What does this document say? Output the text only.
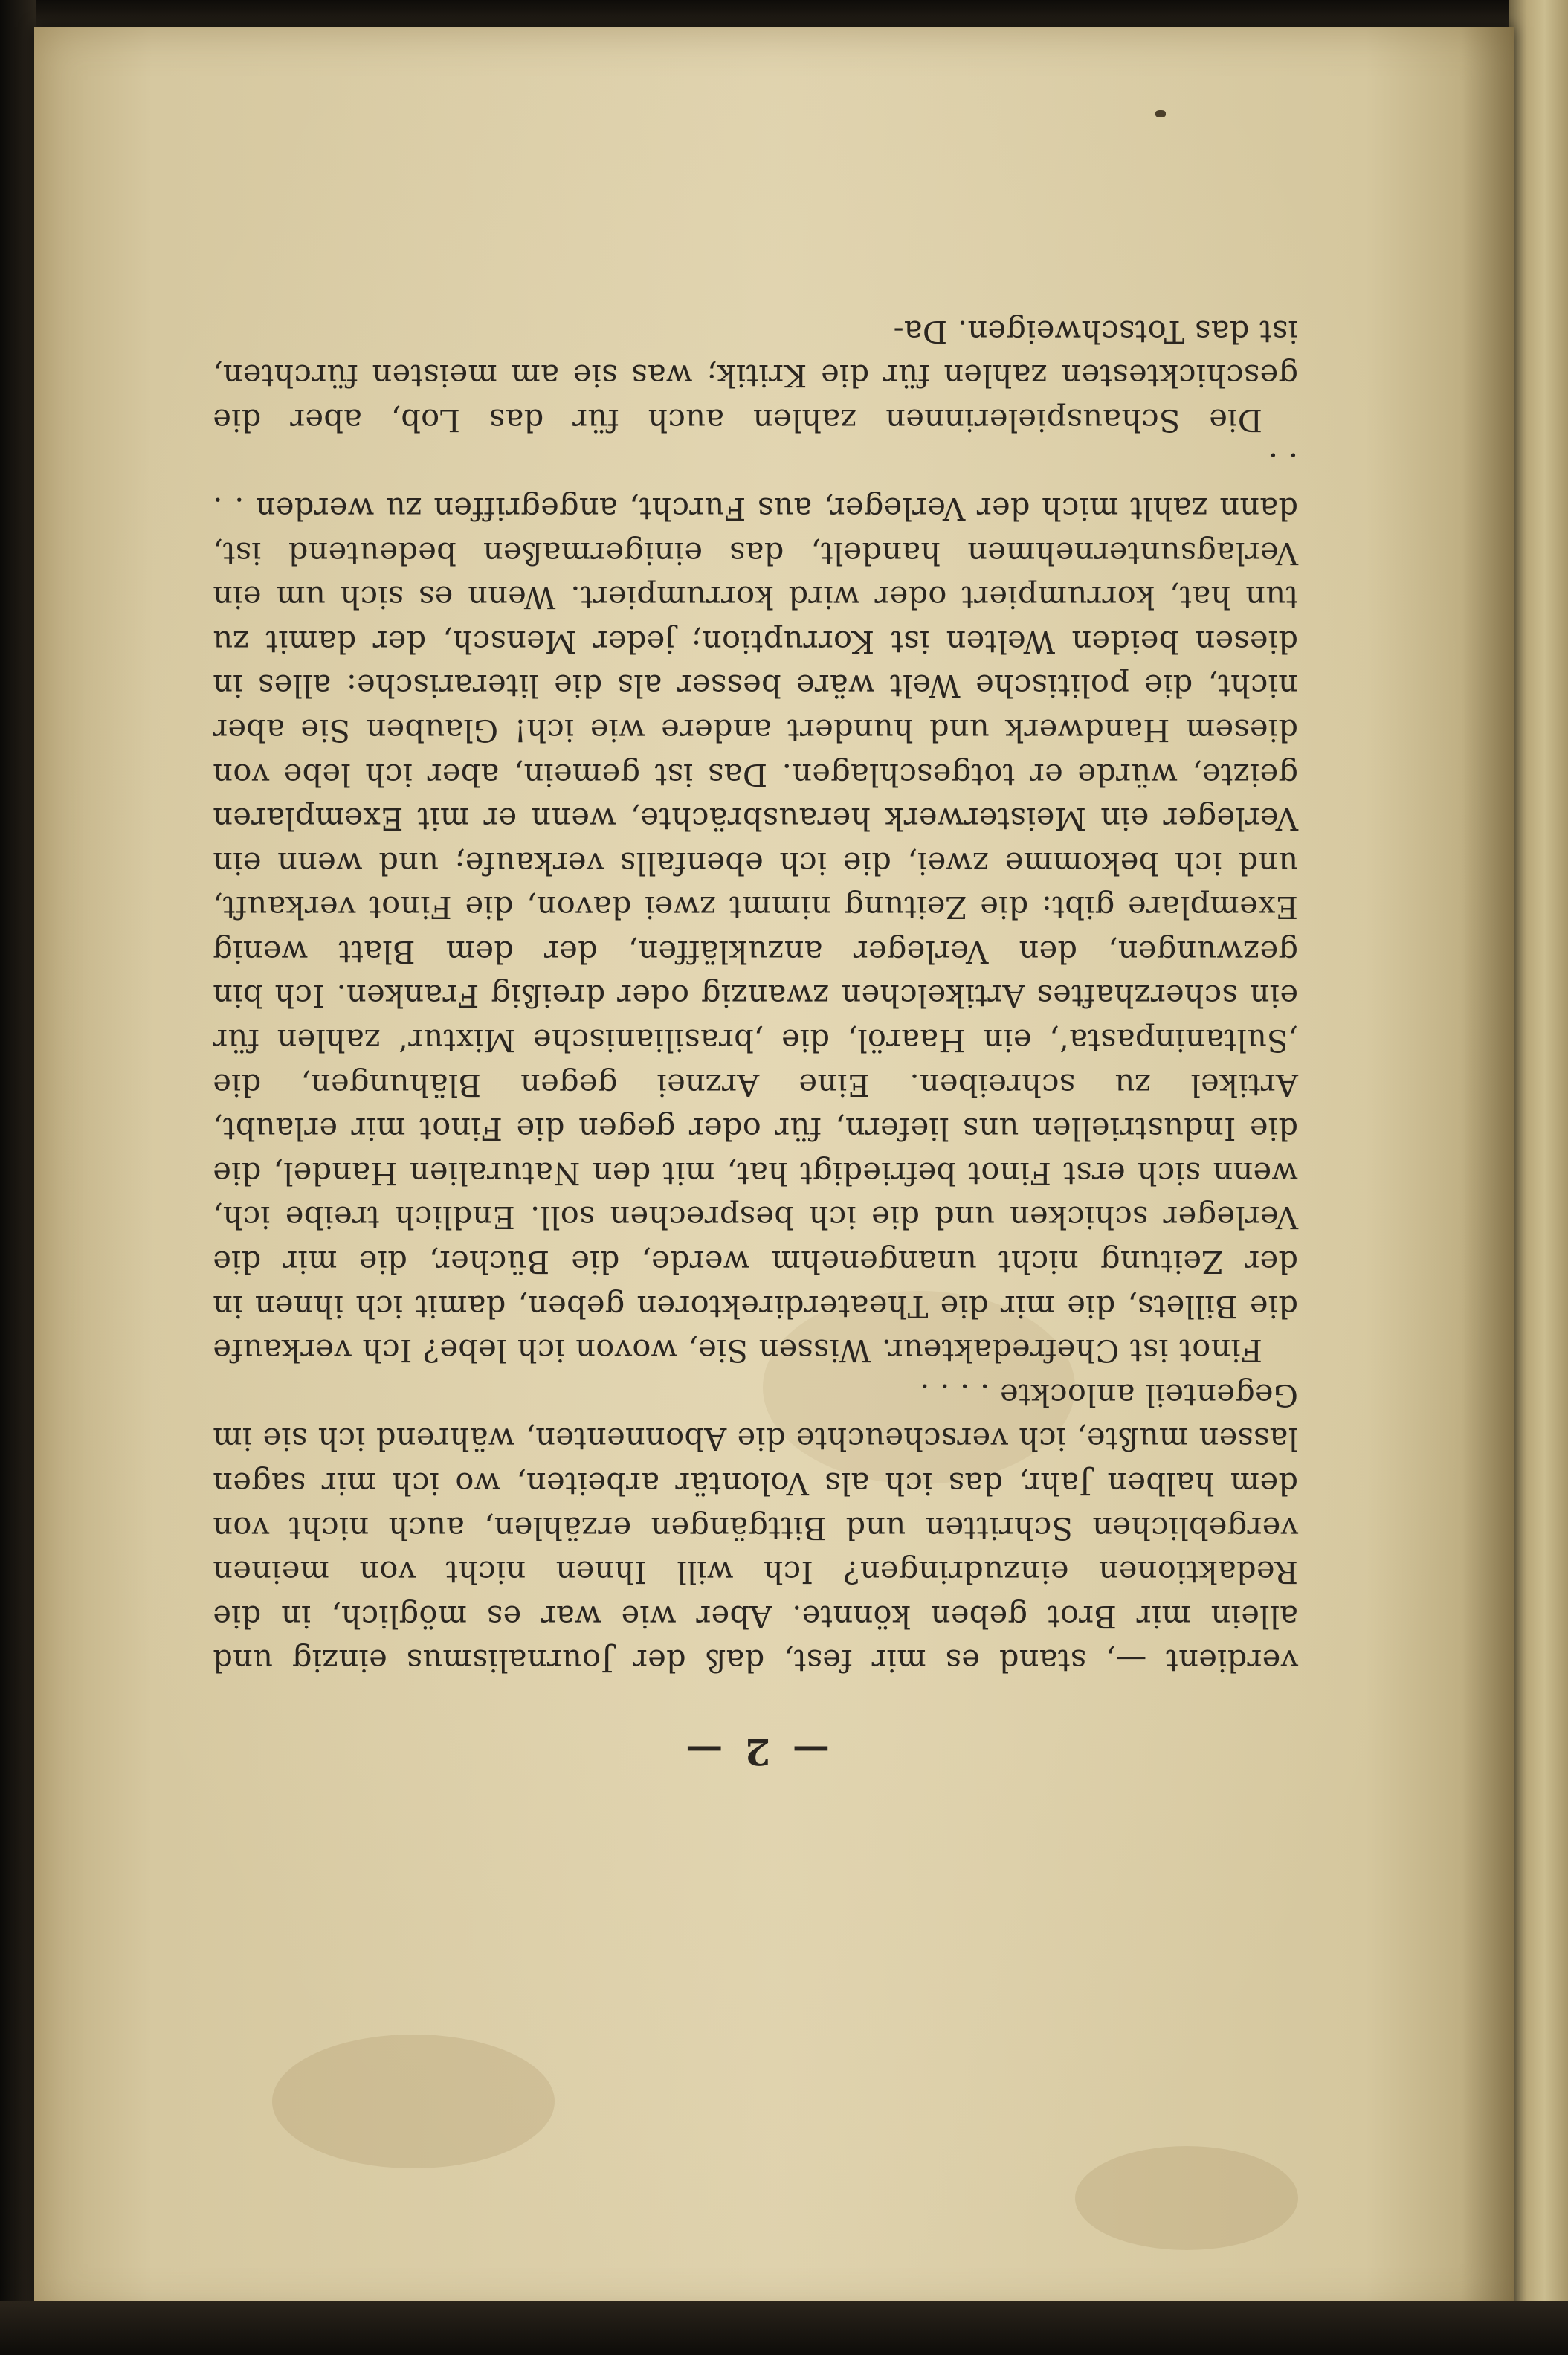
— 2 —

verdient —, stand es mir fest, daß der Journalismus einzig und allein mir Brot geben könnte. Aber wie war es möglich, in die Redaktionen einzudringen? Ich will Ihnen nicht von meinen vergeblichen Schritten und Bittgängen erzählen, auch nicht von dem halben Jahr, das ich als Volontär arbeiten, wo ich mir sagen lassen mußte, ich verscheuchte die Abonnenten, während ich sie im Gegenteil anlockte . . . .

Finot ist Chefredakteur. Wissen Sie, wovon ich lebe? Ich verkaufe die Billets, die mir die Theaterdirektoren geben, damit ich ihnen in der Zeitung nicht unangenehm werde, die Bücher, die mir die Verleger schicken und die ich besprechen soll. Endlich treibe ich, wenn sich erst Finot befriedigt hat, mit den Naturalien Handel, die die Industriellen uns liefern, für oder gegen die Finot mir erlaubt, Artikel zu schreiben. Eine Arznei gegen Blähungen, die ‚Sultaninpasta‘, ein Haaröl, die ‚brasilianische Mixtur‘ zahlen für ein scherzhaftes Artikelchen zwanzig oder dreißig Franken. Ich bin gezwungen, den Verleger anzukläffen, der dem Blatt wenig Exemplare gibt: die Zeitung nimmt zwei davon, die Finot verkauft, und ich bekomme zwei, die ich ebenfalls verkaufe; und wenn ein Verleger ein Meisterwerk herausbrächte, wenn er mit Exemplaren geizte, würde er totgeschlagen. Das ist gemein, aber ich lebe von diesem Handwerk und hundert andere wie ich! Glauben Sie aber nicht, die politische Welt wäre besser als die literarische: alles in diesen beiden Welten ist Korruption; jeder Mensch, der damit zu tun hat, korrumpiert oder wird korrumpiert. Wenn es sich um ein Verlagsunternehmen handelt, das einigermaßen bedeutend ist, dann zahlt mich der Verleger, aus Furcht, angegriffen zu werden . . . .

Die Schauspielerinnen zahlen auch für das Lob, aber die geschicktesten zahlen für die Kritik; was sie am meisten fürchten, ist das Totschweigen. Da-
